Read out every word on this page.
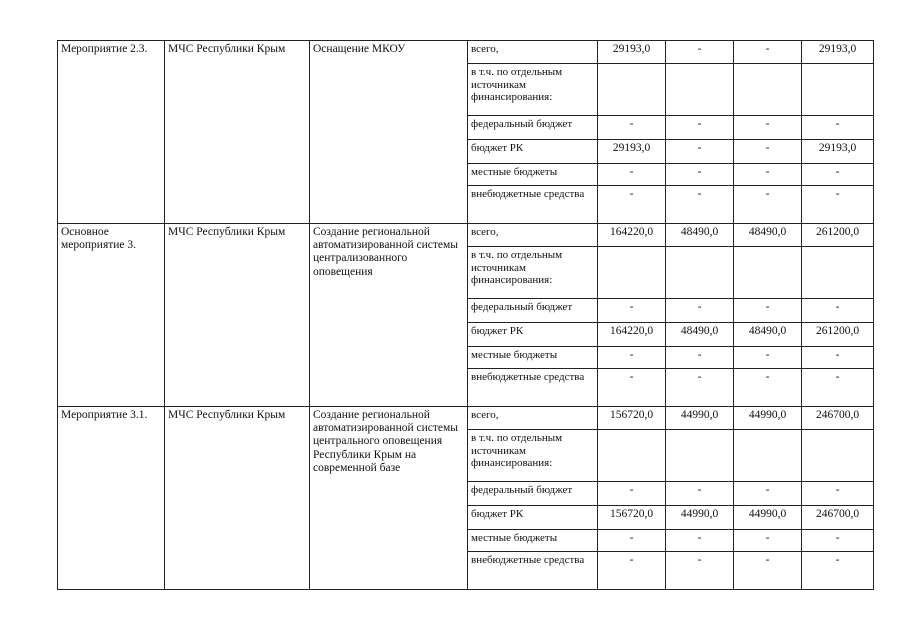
Мероприятие 2.3.	МЧС Республики Крым	Оснащение МКОУ	всего,	29193,0	-	-	29193,0
			в т.ч. по отдельным источникам финансирования:				
			федеральный бюджет	-	-	-	-
			бюджет РК	29193,0	-	-	29193,0
			местные бюджеты	-	-	-	-
			внебюджетные средства	-	-	-	-
Основное мероприятие 3.	МЧС Республики Крым	Создание региональной автоматизированной системы централизованного оповещения	всего,	164220,0	48490,0	48490,0	261200,0
			в т.ч. по отдельным источникам финансирования:				
			федеральный бюджет	-	-	-	-
			бюджет РК	164220,0	48490,0	48490,0	261200,0
			местные бюджеты	-	-	-	-
			внебюджетные средства	-	-	-	-
Мероприятие 3.1.	МЧС Республики Крым	Создание региональной автоматизированной системы центрального оповещения Республики Крым на современной базе	всего,	156720,0	44990,0	44990,0	246700,0
			в т.ч. по отдельным источникам финансирования:				
			федеральный бюджет	-	-	-	-
			бюджет РК	156720,0	44990,0	44990,0	246700,0
			местные бюджеты	-	-	-	-
			внебюджетные средства	-	-	-	-
